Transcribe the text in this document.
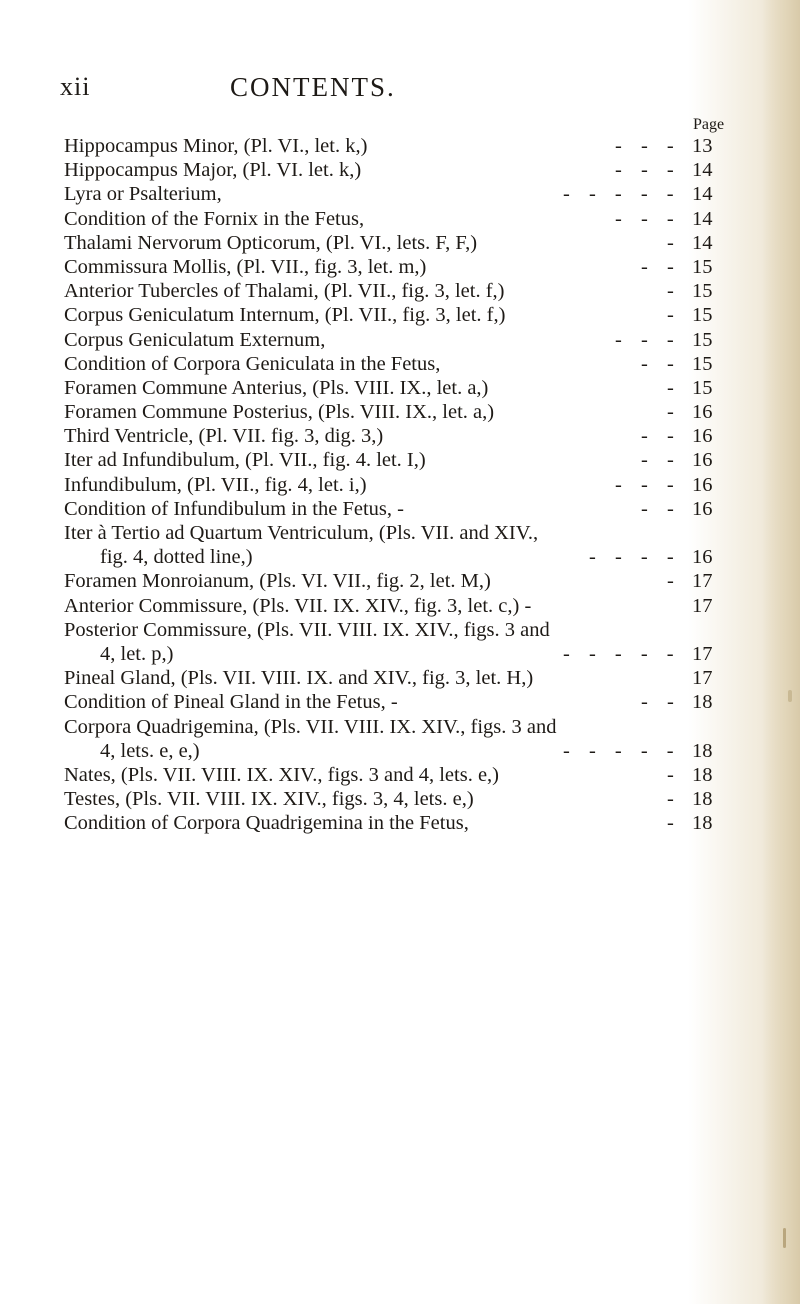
xii	CONTENTS.
Page
Hippocampus Minor, (Pl. VI., let. k,)	- - - 13
Hippocampus Major, (Pl. VI. let. k,)	- - - 14
Lyra or Psalterium,	- - - - - 14
Condition of the Fornix in the Fetus,	- - - 14
Thalami Nervorum Opticorum, (Pl. VI., lets. F, F,)	- 14
Commissura Mollis, (Pl. VII., fig. 3, let. m,)	- - 15
Anterior Tubercles of Thalami, (Pl. VII., fig. 3, let. f,)	- 15
Corpus Geniculatum Internum, (Pl. VII., fig. 3, let. f,)	- 15
Corpus Geniculatum Externum,	- - - 15
Condition of Corpora Geniculata in the Fetus,	- - 15
Foramen Commune Anterius, (Pls. VIII. IX., let. a,)	- 15
Foramen Commune Posterius, (Pls. VIII. IX., let. a,)	- 16
Third Ventricle, (Pl. VII. fig. 3, dig. 3,)	- - 16
Iter ad Infundibulum, (Pl. VII., fig. 4. let. I,)	- - 16
Infundibulum, (Pl. VII., fig. 4, let. i,)	- - - 16
Condition of Infundibulum in the Fetus, -	- - 16
Iter à Tertio ad Quartum Ventriculum, (Pls. VII. and XIV.,
fig. 4, dotted line,)	- - - - 16
Foramen Monroianum, (Pls. VI. VII., fig. 2, let. M,)	- 17
Anterior Commissure, (Pls. VII. IX. XIV., fig. 3, let. c,) -	17
Posterior Commissure, (Pls. VII. VIII. IX. XIV., figs. 3 and
4, let. p,)	- - - - - 17
Pineal Gland, (Pls. VII. VIII. IX. and XIV., fig. 3, let. H,)	17
Condition of Pineal Gland in the Fetus, -	- - 18
Corpora Quadrigemina, (Pls. VII. VIII. IX. XIV., figs. 3 and
4, lets. e, e,)	- - - - - 18
Nates, (Pls. VII. VIII. IX. XIV., figs. 3 and 4, lets. e,)	- 18
Testes, (Pls. VII. VIII. IX. XIV., figs. 3, 4, lets. e,)	- 18
Condition of Corpora Quadrigemina in the Fetus,	- 18
